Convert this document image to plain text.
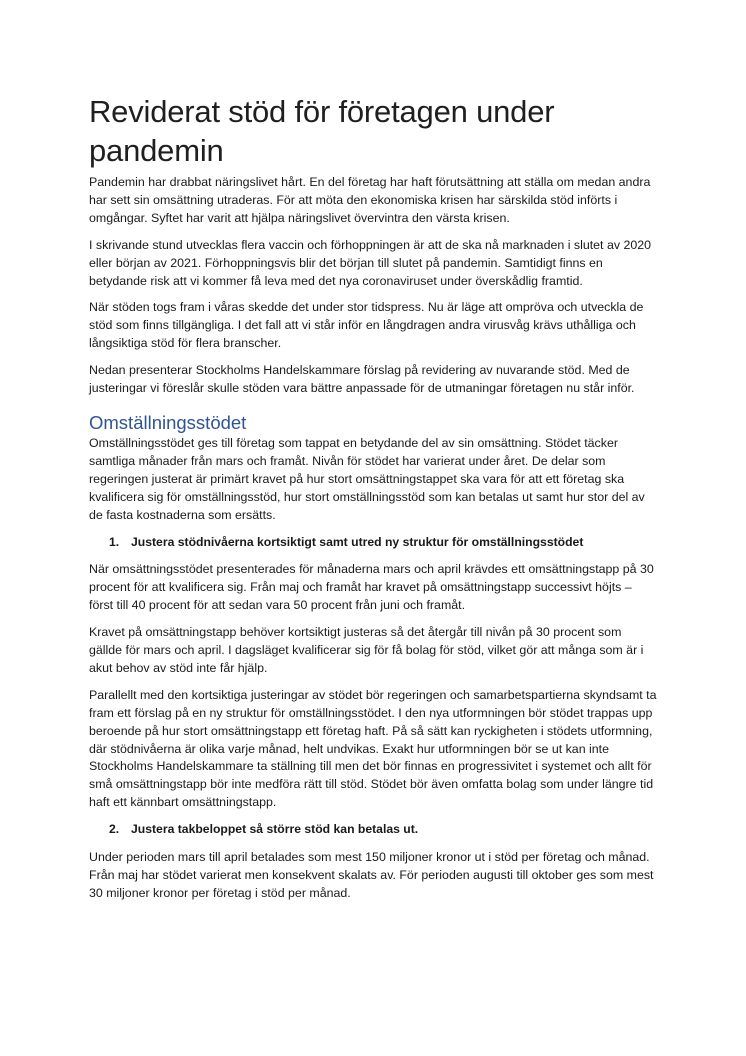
Reviderat stöd för företagen under pandemin

Pandemin har drabbat näringslivet hårt. En del företag har haft förutsättning att ställa om medan andra har sett sin omsättning utraderas. För att möta den ekonomiska krisen har särskilda stöd införts i omgångar. Syftet har varit att hjälpa näringslivet övervintra den värsta krisen.

I skrivande stund utvecklas flera vaccin och förhoppningen är att de ska nå marknaden i slutet av 2020 eller början av 2021. Förhoppningsvis blir det början till slutet på pandemin. Samtidigt finns en betydande risk att vi kommer få leva med det nya coronaviruset under överskådlig framtid.

När stöden togs fram i våras skedde det under stor tidspress. Nu är läge att ompröva och utveckla de stöd som finns tillgängliga. I det fall att vi står inför en långdragen andra virusvåg krävs uthålliga och långsiktiga stöd för flera branscher.

Nedan presenterar Stockholms Handelskammare förslag på revidering av nuvarande stöd. Med de justeringar vi föreslår skulle stöden vara bättre anpassade för de utmaningar företagen nu står inför.

Omställningsstödet

Omställningsstödet ges till företag som tappat en betydande del av sin omsättning. Stödet täcker samtliga månader från mars och framåt. Nivån för stödet har varierat under året. De delar som regeringen justerat är primärt kravet på hur stort omsättningstappet ska vara för att ett företag ska kvalificera sig för omställningsstöd, hur stort omställningsstöd som kan betalas ut samt hur stor del av de fasta kostnaderna som ersätts.

1. Justera stödnivåerna kortsiktigt samt utred ny struktur för omställningsstödet

När omsättningsstödet presenterades för månaderna mars och april krävdes ett omsättningstapp på 30 procent för att kvalificera sig. Från maj och framåt har kravet på omsättningstapp successivt höjts – först till 40 procent för att sedan vara 50 procent från juni och framåt.

Kravet på omsättningstapp behöver kortsiktigt justeras så det återgår till nivån på 30 procent som gällde för mars och april. I dagsläget kvalificerar sig för få bolag för stöd, vilket gör att många som är i akut behov av stöd inte får hjälp.

Parallellt med den kortsiktiga justeringar av stödet bör regeringen och samarbetspartierna skyndsamt ta fram ett förslag på en ny struktur för omställningsstödet. I den nya utformningen bör stödet trappas upp beroende på hur stort omsättningstapp ett företag haft. På så sätt kan ryckigheten i stödets utformning, där stödnivåerna är olika varje månad, helt undvikas. Exakt hur utformningen bör se ut kan inte Stockholms Handelskammare ta ställning till men det bör finnas en progressivitet i systemet och allt för små omsättningstapp bör inte medföra rätt till stöd. Stödet bör även omfatta bolag som under längre tid haft ett kännbart omsättningstapp.

2. Justera takbeloppet så större stöd kan betalas ut.

Under perioden mars till april betalades som mest 150 miljoner kronor ut i stöd per företag och månad. Från maj har stödet varierat men konsekvent skalats av. För perioden augusti till oktober ges som mest 30 miljoner kronor per företag i stöd per månad.
